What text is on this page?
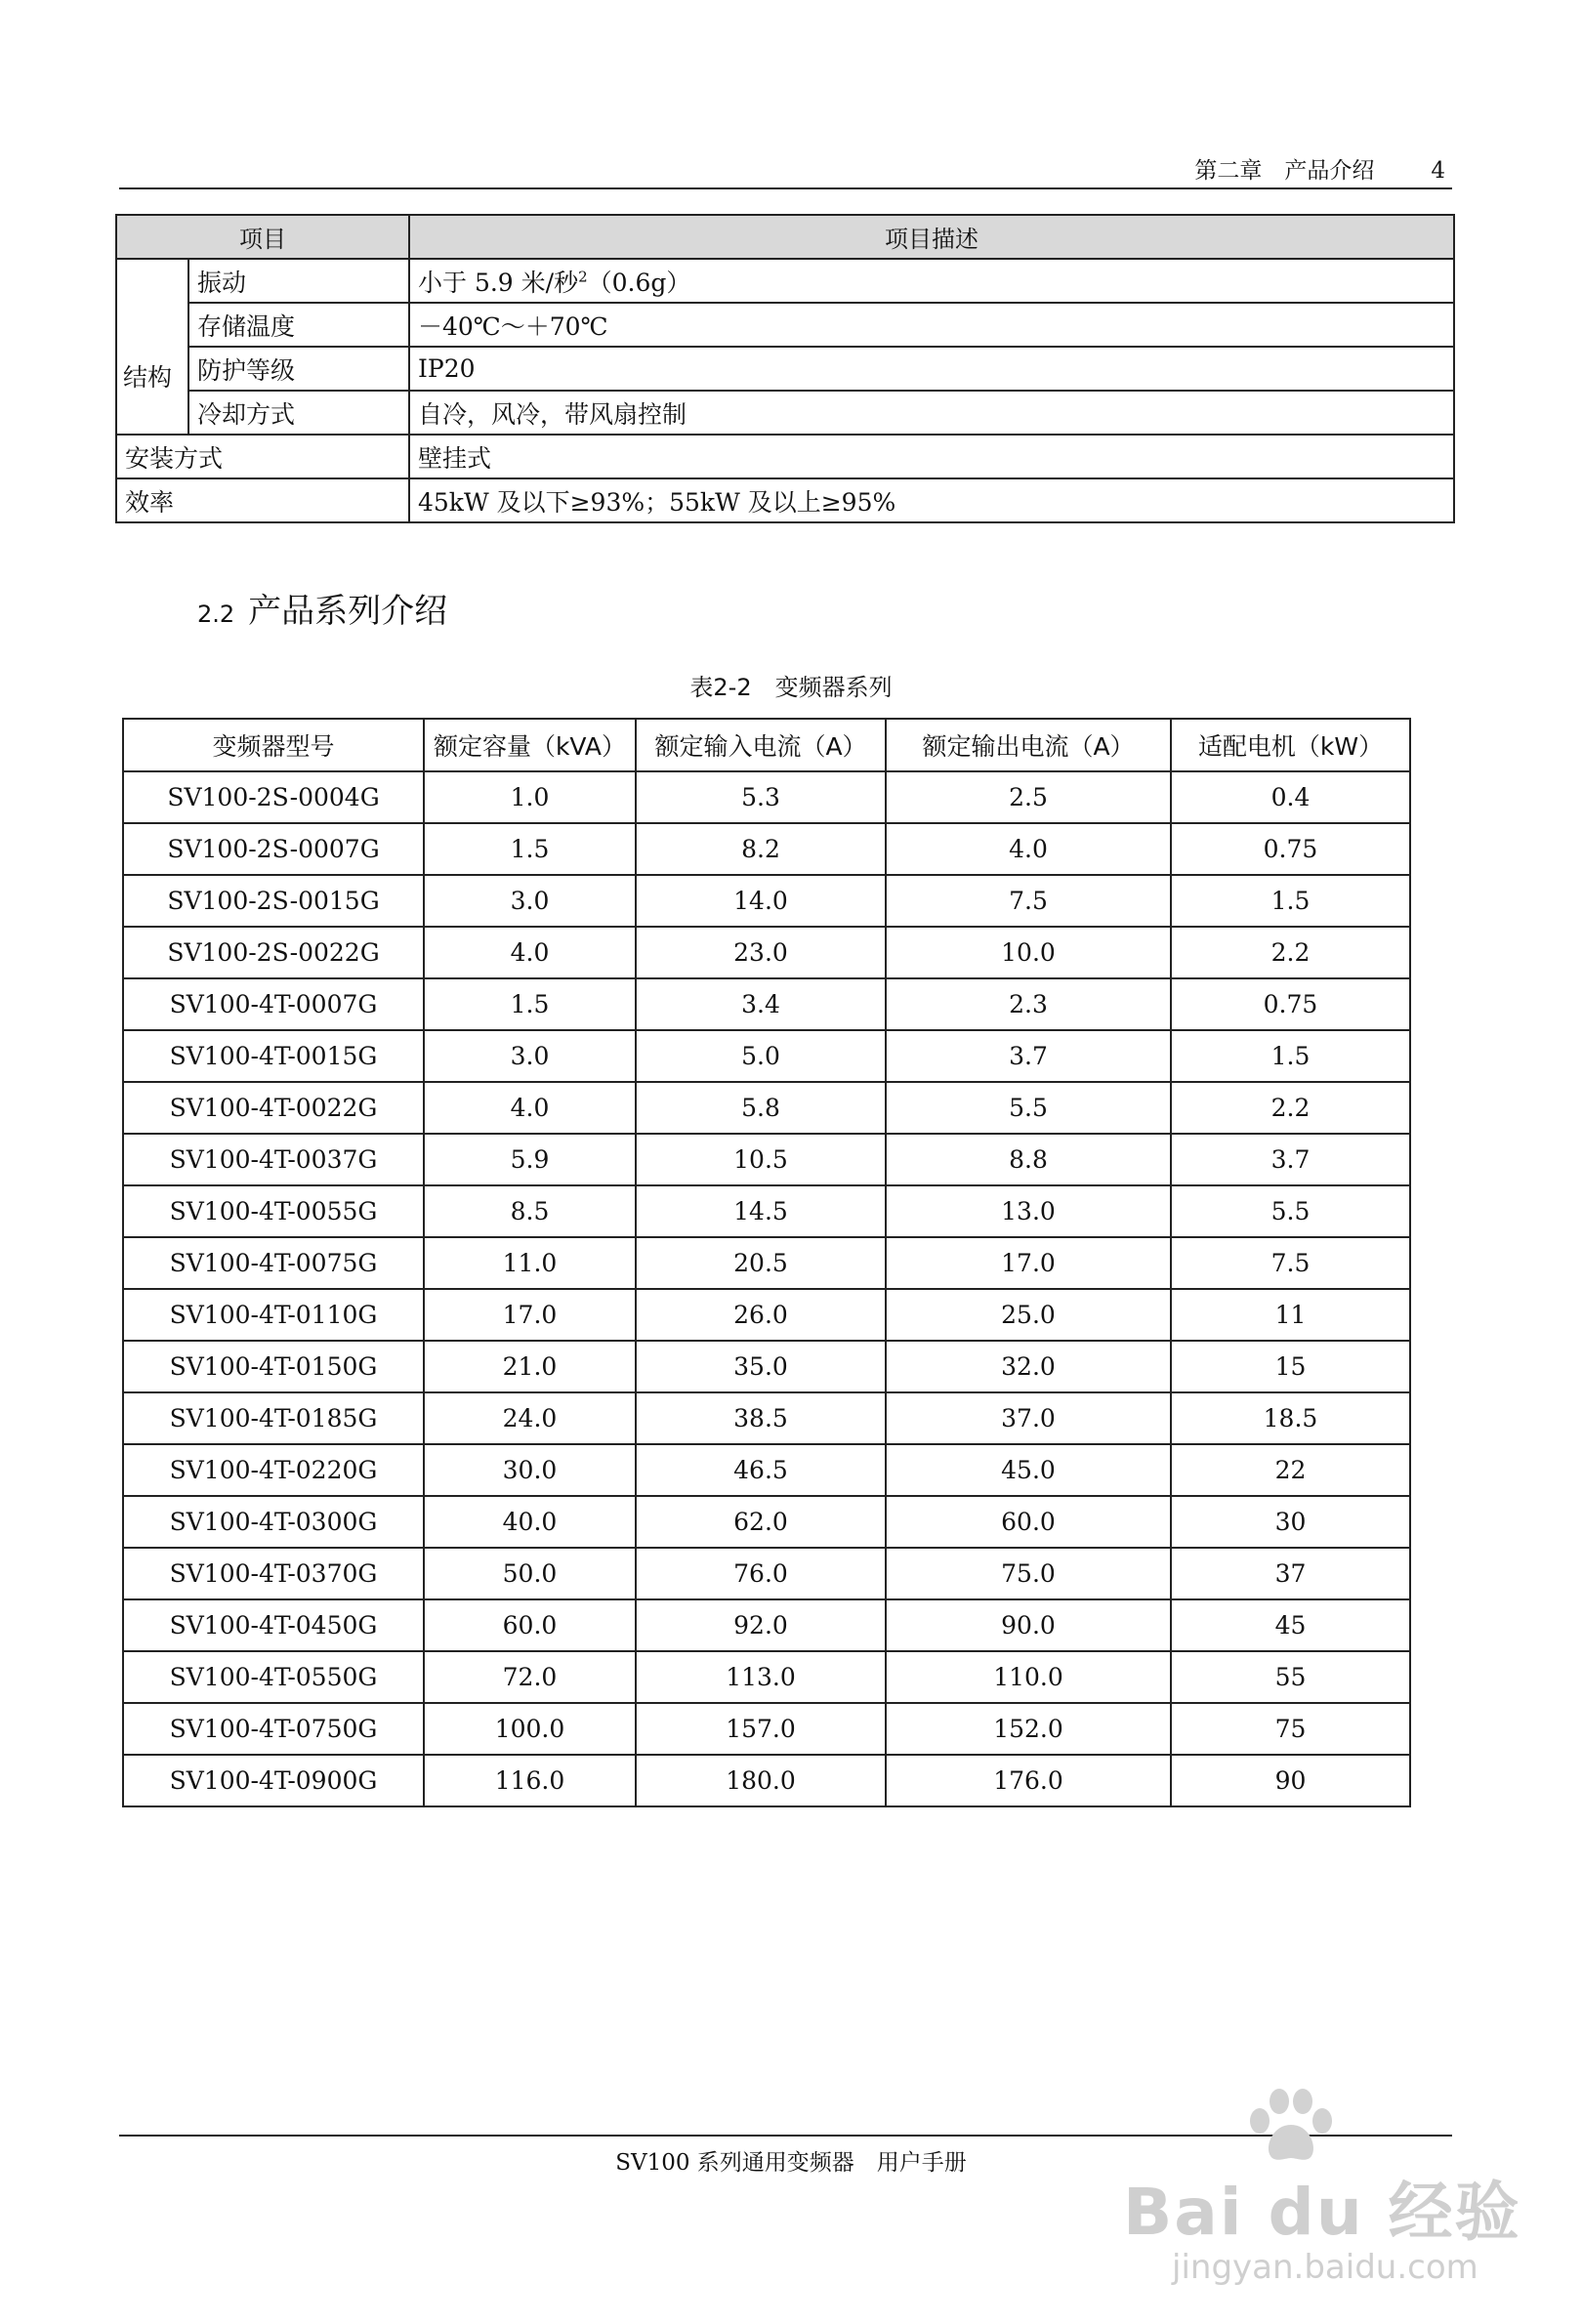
第二章　产品介绍	4
项目		项目描述
结构	振动	小于 5.9 米/秒$^2$（0.6g）
	存储温度	－40℃～＋70℃
	防护等级	IP20
	冷却方式	自冷，风冷，带风扇控制
安装方式		壁挂式
效率		45kW 及以下≥93%；55kW 及以上≥95%
2.2 产品系列介绍
表2-2　变频器系列
变频器型号	额定容量（kVA）	额定输入电流（A）	额定输出电流（A）	适配电机（kW）
SV100-2S-0004G	1.0	5.3	2.5	0.4
SV100-2S-0007G	1.5	8.2	4.0	0.75
SV100-2S-0015G	3.0	14.0	7.5	1.5
SV100-2S-0022G	4.0	23.0	10.0	2.2
SV100-4T-0007G	1.5	3.4	2.3	0.75
SV100-4T-0015G	3.0	5.0	3.7	1.5
SV100-4T-0022G	4.0	5.8	5.5	2.2
SV100-4T-0037G	5.9	10.5	8.8	3.7
SV100-4T-0055G	8.5	14.5	13.0	5.5
SV100-4T-0075G	11.0	20.5	17.0	7.5
SV100-4T-0110G	17.0	26.0	25.0	11
SV100-4T-0150G	21.0	35.0	32.0	15
SV100-4T-0185G	24.0	38.5	37.0	18.5
SV100-4T-0220G	30.0	46.5	45.0	22
SV100-4T-0300G	40.0	62.0	60.0	30
SV100-4T-0370G	50.0	76.0	75.0	37
SV100-4T-0450G	60.0	92.0	90.0	45
SV100-4T-0550G	72.0	113.0	110.0	55
SV100-4T-0750G	100.0	157.0	152.0	75
SV100-4T-0900G	116.0	180.0	176.0	90
SV100 系列通用变频器　用户手册
Bai du 经验
jingyan.baidu.com
